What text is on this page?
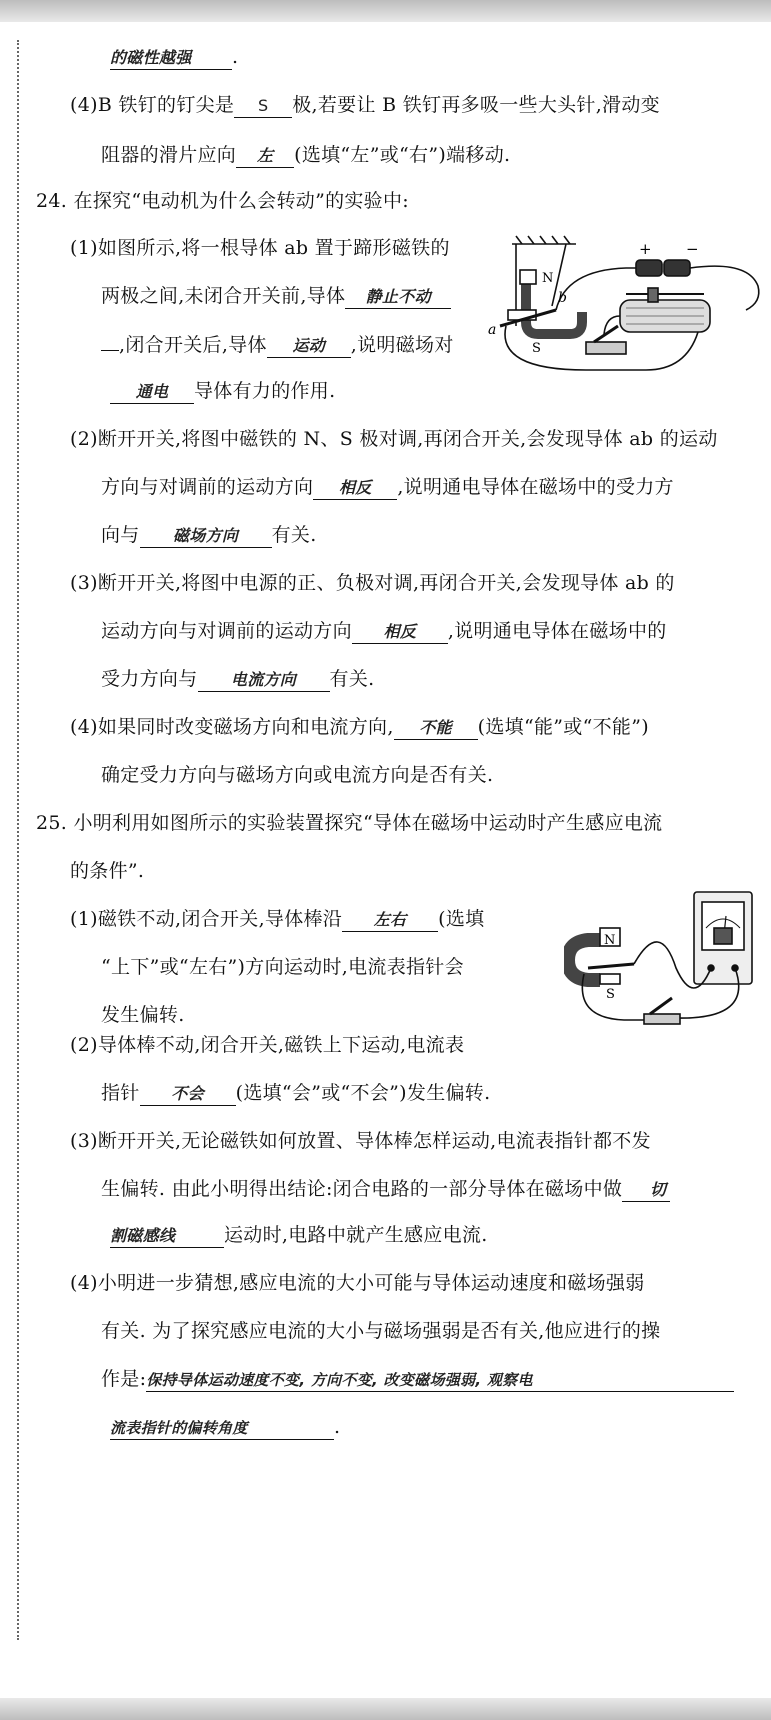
的磁性越强 .
(4)B 铁钉的钉尖是 S 极,若要让 B 铁钉再多吸一些大头针,滑动变
阻器的滑片应向 左 (选填“左”或“右”)端移动.
24. 在探究“电动机为什么会转动”的实验中:
(1)如图所示,将一根导体 ab 置于蹄形磁铁的
两极之间,未闭合开关前,导体 静止不动
,闭合开关后,导体 运动 ,说明磁场对
通电 导体有力的作用.
+ −
N
S
a
b
(2)断开开关,将图中磁铁的 N、S 极对调,再闭合开关,会发现导体 ab 的运动
方向与对调前的运动方向 相反 ,说明通电导体在磁场中的受力方
向与 磁场方向 有关.
(3)断开开关,将图中电源的正、负极对调,再闭合开关,会发现导体 ab 的
运动方向与对调前的运动方向 相反 ,说明通电导体在磁场中的
受力方向与 电流方向 有关.
(4)如果同时改变磁场方向和电流方向, 不能 (选填“能”或“不能”)
确定受力方向与磁场方向或电流方向是否有关.
25. 小明利用如图所示的实验装置探究“导体在磁场中运动时产生感应电流
的条件”.
(1)磁铁不动,闭合开关,导体棒沿 左右 (选填
“上下”或“左右”)方向运动时,电流表指针会
发生偏转.
N
S
(2)导体棒不动,闭合开关,磁铁上下运动,电流表
指针 不会 (选填“会”或“不会”)发生偏转.
(3)断开开关,无论磁铁如何放置、导体棒怎样运动,电流表指针都不发
生偏转. 由此小明得出结论:闭合电路的一部分导体在磁场中做 切
割磁感线	运动时,电路中就产生感应电流.
(4)小明进一步猜想,感应电流的大小可能与导体运动速度和磁场强弱
有关. 为了探究感应电流的大小与磁场强弱是否有关,他应进行的操
作是:保持导体运动速度不变, 方向不变, 改变磁场强弱, 观察电
流表指针的偏转角度	.
